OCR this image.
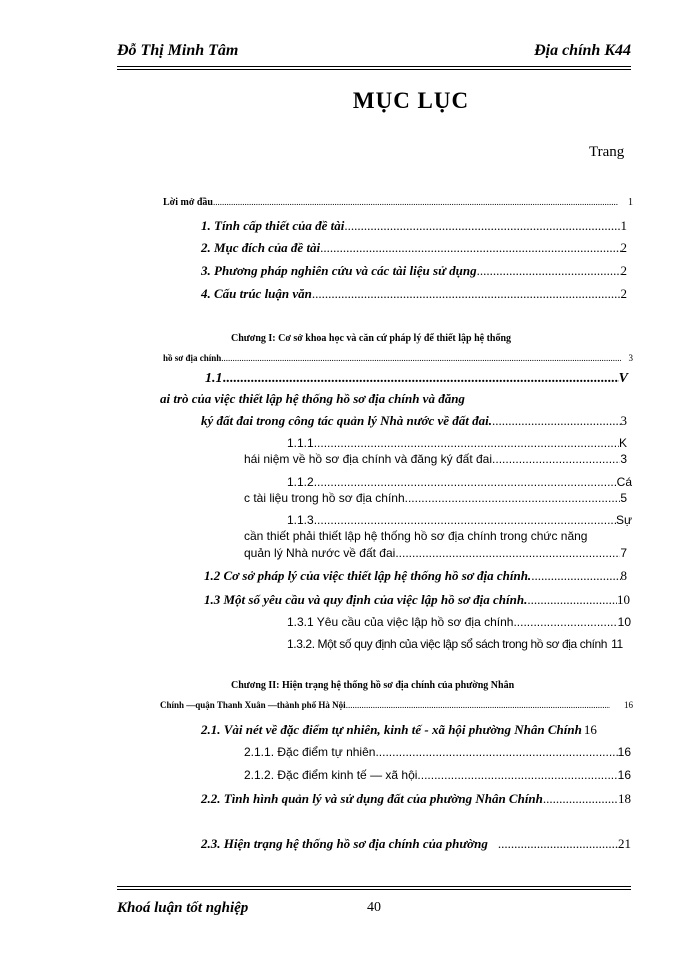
Đỗ Thị Minh Tâm	Địa chính K44
MỤC LỤC
Trang
Lời mở đầu .....	1
1. Tính cấp thiết của đề tài .....	1
2. Mục đích của đề tài .....	2
3. Phương pháp nghiên cứu và các tài liệu sử dụng .....	2
4. Cấu trúc luận văn .....	2
Chương I: Cơ sở khoa học và căn cứ pháp lý để thiết lập hệ thống
hồ sơ địa chính .....	3
1.1 .....	V
ai trò của việc thiết lập hệ thống hồ sơ địa chính và đăng
ký đất đai trong công tác quản lý Nhà nước về đất đai. .....	3
1.1.1. .....	K
hái niệm về hồ sơ địa chính và đăng ký đất đai .....	3
1.1.2. .....	Cá
c tài liệu trong hồ sơ địa chính .....	5
1.1.3. .....	Sự
cần thiết phải thiết lập hệ thống hồ sơ địa chính trong chức năng
quản lý Nhà nước về đất đai .....	7
1.2 Cơ sở pháp lý của việc thiết lập hệ thống hồ sơ địa chính. .....	8
1.3 Một số yêu cầu và quy định của việc lập hồ sơ địa chính. .....	10
1.3.1 Yêu cầu của việc lập hồ sơ địa chính .....	10
1.3.2. Một số quy định của việc lập sổ sách trong hồ sơ địa chính 11
Chương II: Hiện trạng hệ thống hồ sơ địa chính của phường Nhân
Chính —quận Thanh Xuân —thành phố Hà Nội .....	16
2.1. Vài nét về đặc điểm tự nhiên, kinh tế - xã hội phường Nhân Chính 16
2.1.1. Đặc điểm tự nhiên .....	16
2.1.2. Đặc điểm kinh tế — xã hội. .....	16
2.2. Tình hình quản lý và sử dụng đất của phường Nhân Chính .....	18
2.3. Hiện trạng hệ thống hồ sơ địa chính của phường .....	21
Khoá luận tốt nghiệp	40
